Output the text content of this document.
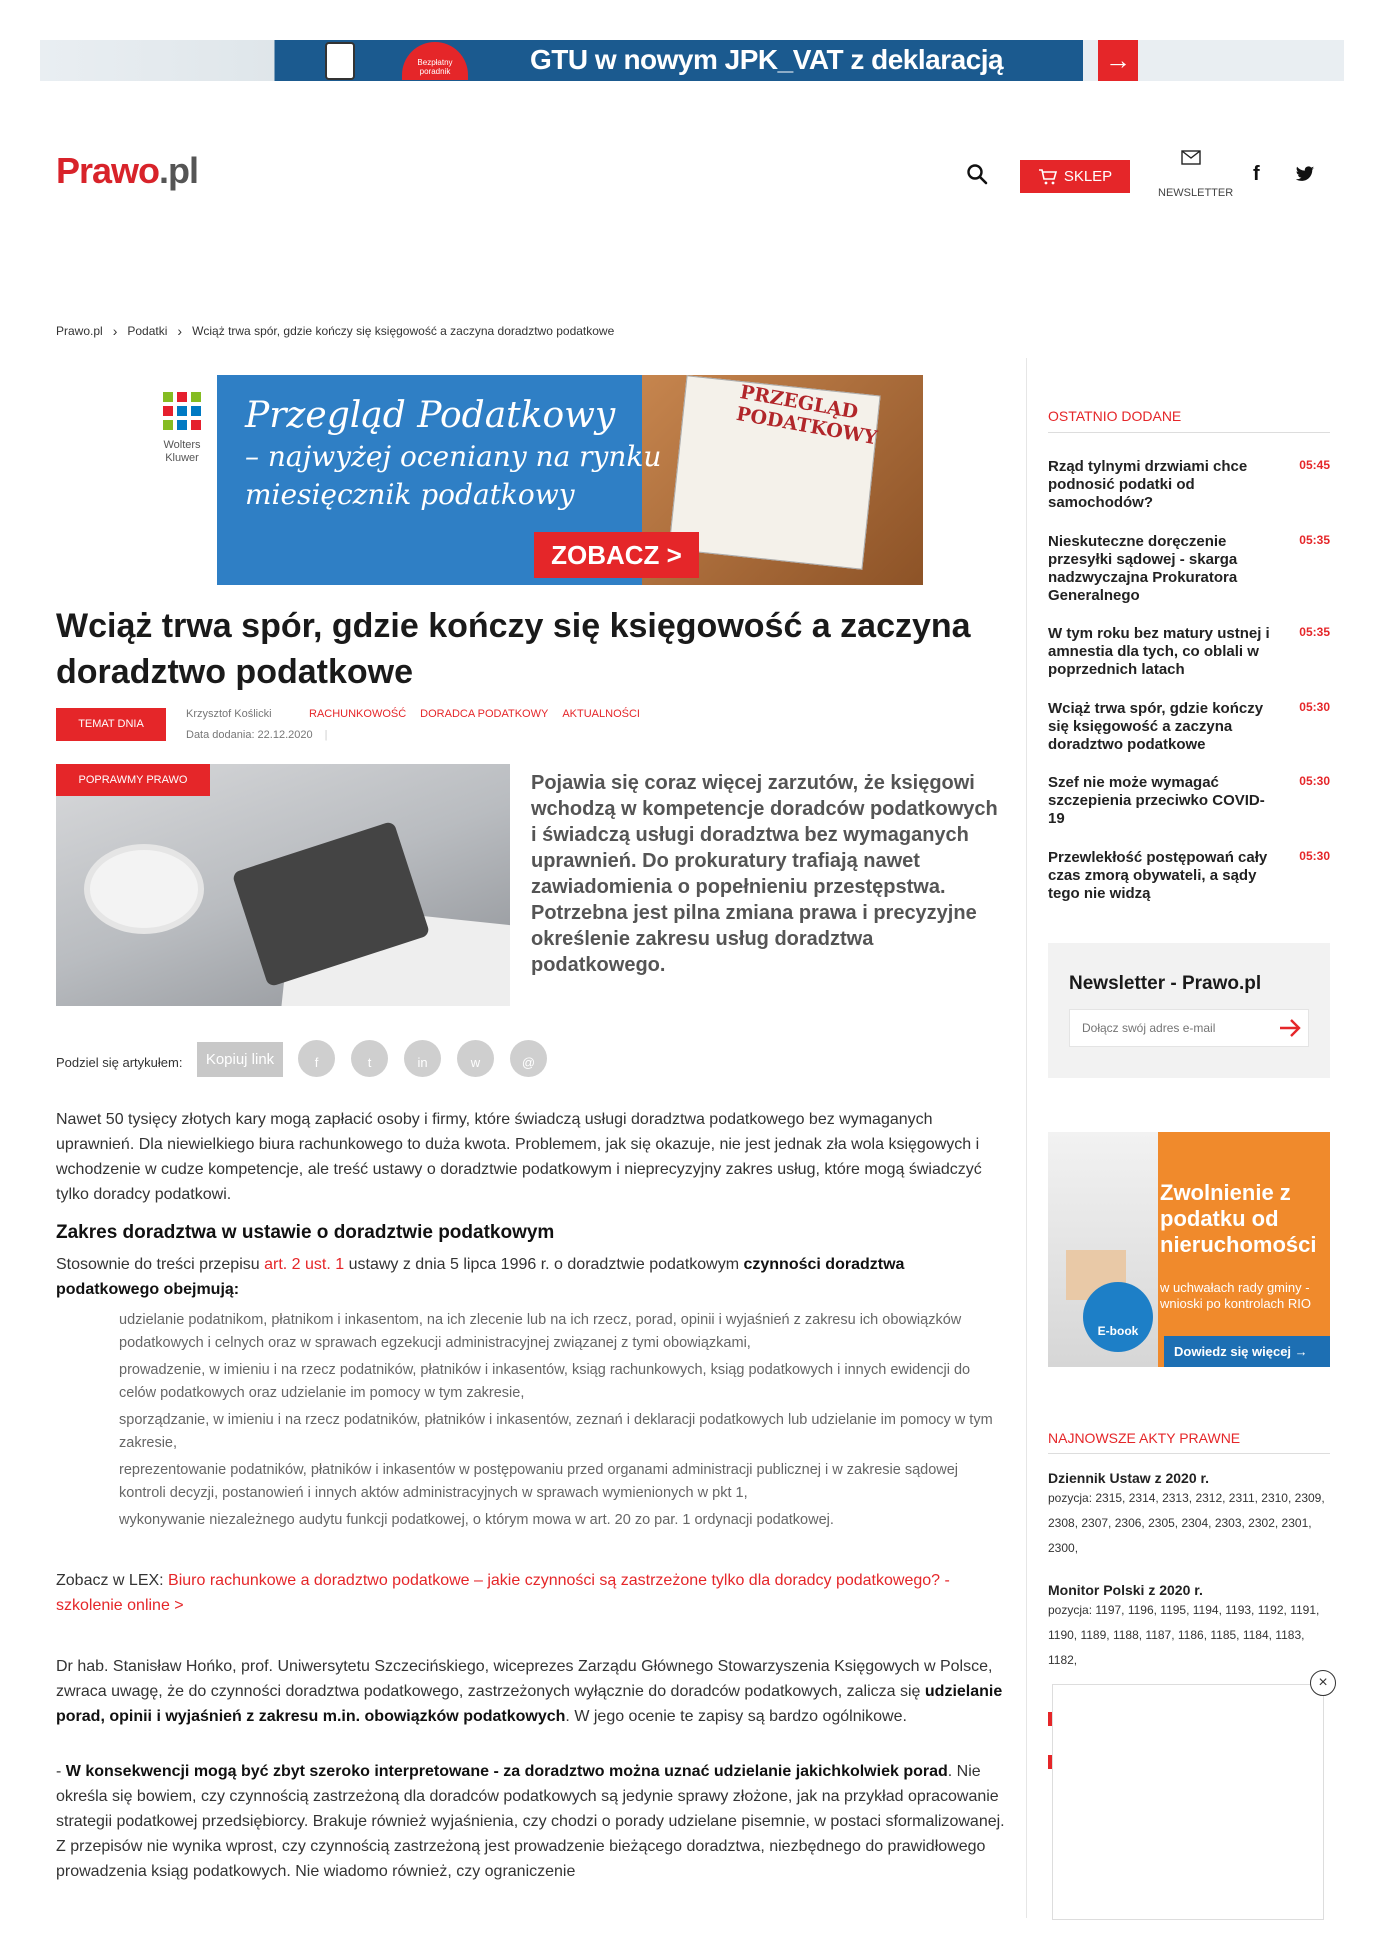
Bezpłatny poradnik	GTU w nowym JPK_VAT z deklaracją	→
Prawo.pl	SKLEP
NEWSLETTER
f
Prawo.pl › Podatki › Wciąż trwa spór, gdzie kończy się księgowość a zaczyna doradztwo podatkowe
Wolters
Kluwer
PRZEGLĄD PODATKOWY
Przegląd Podatkowy
– najwyżej oceniany na rynku
miesięcznik podatkowy
ZOBACZ >
Wciąż trwa spór, gdzie kończy się księgowość a zaczyna doradztwo podatkowe
TEMAT DNIA
Krzysztof Koślicki
Data dodania: 22.12.2020 |
RACHUNKOWOŚĆ DORADCA PODATKOWY AKTUALNOŚCI
POPRAWMY PRAWO	Pojawia się coraz więcej zarzutów, że księgowi wchodzą w kompetencje doradców podatkowych i świadczą usługi doradztwa bez wymaganych uprawnień. Do prokuratury trafiają nawet zawiadomienia o popełnieniu przestępstwa. Potrzebna jest pilna zmiana prawa i precyzyjne określenie zakresu usług doradztwa podatkowego.

Podziel się artykułem:	Kopiuj link	f	t	in	w	@

Nawet 50 tysięcy złotych kary mogą zapłacić osoby i firmy, które świadczą usługi doradztwa podatkowego bez wymaganych uprawnień. Dla niewielkiego biura rachunkowego to duża kwota. Problemem, jak się okazuje, nie jest jednak zła wola księgowych i wchodzenie w cudze kompetencje, ale treść ustawy o doradztwie podatkowym i nieprecyzyjny zakres usług, które mogą świadczyć tylko doradcy podatkowi.

Zakres doradztwa w ustawie o doradztwie podatkowym

Stosownie do treści przepisu art. 2 ust. 1 ustawy z dnia 5 lipca 1996 r. o doradztwie podatkowym czynności doradztwa podatkowego obejmują:

udzielanie podatnikom, płatnikom i inkasentom, na ich zlecenie lub na ich rzecz, porad, opinii i wyjaśnień z zakresu ich obowiązków podatkowych i celnych oraz w sprawach egzekucji administracyjnej związanej z tymi obowiązkami,
prowadzenie, w imieniu i na rzecz podatników, płatników i inkasentów, ksiąg rachunkowych, ksiąg podatkowych i innych ewidencji do celów podatkowych oraz udzielanie im pomocy w tym zakresie,
sporządzanie, w imieniu i na rzecz podatników, płatników i inkasentów, zeznań i deklaracji podatkowych lub udzielanie im pomocy w tym zakresie,
reprezentowanie podatników, płatników i inkasentów w postępowaniu przed organami administracji publicznej i w zakresie sądowej kontroli decyzji, postanowień i innych aktów administracyjnych w sprawach wymienionych w pkt 1,
wykonywanie niezależnego audytu funkcji podatkowej, o którym mowa w art. 20 zo par. 1 ordynacji podatkowej.

Zobacz w LEX: Biuro rachunkowe a doradztwo podatkowe – jakie czynności są zastrzeżone tylko dla doradcy podatkowego? - szkolenie online >

Dr hab. Stanisław Hońko, prof. Uniwersytetu Szczecińskiego, wiceprezes Zarządu Głównego Stowarzyszenia Księgowych w Polsce, zwraca uwagę, że do czynności doradztwa podatkowego, zastrzeżonych wyłącznie do doradców podatkowych, zalicza się udzielanie porad, opinii i wyjaśnień z zakresu m.in. obowiązków podatkowych. W jego ocenie te zapisy są bardzo ogólnikowe.

- W konsekwencji mogą być zbyt szeroko interpretowane - za doradztwo można uznać udzielanie jakichkolwiek porad. Nie określa się bowiem, czy czynnością zastrzeżoną dla doradców podatkowych są jedynie sprawy złożone, jak na przykład opracowanie strategii podatkowej przedsiębiorcy. Brakuje również wyjaśnienia, czy chodzi o porady udzielane pisemnie, w postaci sformalizowanej. Z przepisów nie wynika wprost, czy czynnością zastrzeżoną jest prowadzenie bieżącego doradztwa, niezbędnego do prawidłowego prowadzenia ksiąg podatkowych. Nie wiadomo również, czy ograniczenie

OSTATNIO DODANE
Rząd tylnymi drzwiami chce podnosić podatki od samochodów?
05:45
Nieskuteczne doręczenie przesyłki sądowej - skarga nadzwyczajna Prokuratora Generalnego
05:35
W tym roku bez matury ustnej i amnestia dla tych, co oblali w poprzednich latach
05:35
Wciąż trwa spór, gdzie kończy się księgowość a zaczyna doradztwo podatkowe
05:30
Szef nie może wymagać szczepienia przeciwko COVID-19
05:30
Przewlekłość postępowań cały czas zmorą obywateli, a sądy tego nie widzą
05:30
Newsletter - Prawo.pl
Dołącz swój adres e-mail
E-book
Zwolnienie z podatku od nieruchomości
w uchwałach rady gminy - wnioski po kontrolach RIO
Dowiedz się więcej →
NAJNOWSZE AKTY PRAWNE
Dziennik Ustaw z 2020 r.
pozycja: 2315, 2314, 2313, 2312, 2311, 2310, 2309, 2308, 2307, 2306, 2305, 2304, 2303, 2302, 2301, 2300,
Monitor Polski z 2020 r.
pozycja: 1197, 1196, 1195, 1194, 1193, 1192, 1191, 1190, 1189, 1188, 1187, 1186, 1185, 1184, 1183, 1182,
×
